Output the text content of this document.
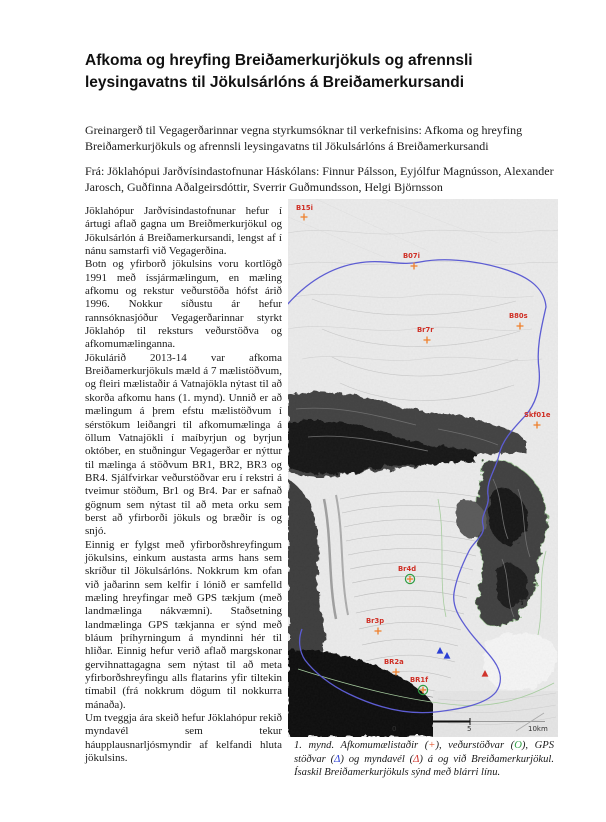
Afkoma og hreyfing Breiðamerkurjökuls og afrennsli
leysingavatns til Jökulsárlóns á Breiðamerkursandi

Greinargerð til Vegagerðarinnar vegna styrkumsóknar til verkefnisins: Afkoma og hreyfing Breiðamerkurjökuls og afrennsli leysingavatns til Jökulsárlóns á Breiðamerkursandi

Frá: Jöklahópui Jarðvísindastofnunar Háskólans: Finnur Pálsson, Eyjólfur Magnússon, Alexander Jarosch, Guðfinna Aðalgeirsdóttir, Sverrir Guðmundsson, Helgi Björnsson

Jöklahópur Jarðvísindastofnunar hefur í ártugi aflað gagna um Breiðmerkurjökul og Jökulsárlón á Breiðamerkursandi, lengst af í nánu samstarfi við Vegagerðina.

Botn og yfirborð jökulsins voru kortlögð 1991 með íssjármælingum, en mæling afkomu og rekstur veðurstöða hófst árið 1996. Nokkur síðustu ár hefur rannsóknasjóður Vegagerðarinnar styrkt Jöklahóp til reksturs veðurstöðva og afkomumælinganna.

Jökulárið 2013-14 var afkoma Breiðamerkurjökuls mæld á 7 mælistöðvum, og fleiri mælistaðir á Vatnajökla nýtast til að skorða afkomu hans (1. mynd). Unnið er að mælingum á þrem efstu mælistöðvum í sérstökum leiðangri til afkomumælinga á öllum Vatnajökli í maíbyrjun og byrjun október, en stuðningur Vegagerðar er nýttur til mælinga á stöðvum BR1, BR2, BR3 og BR4. Sjálfvirkar veðurstöðvar eru í rekstri á tveimur stöðum, Br1 og Br4. Þar er safnað gögnum sem nýtast til að meta orku sem berst að yfirborði jökuls og bræðir ís og snjó.

Einnig er fylgst með yfirborðshreyfingum jökulsins, einkum austasta arms hans sem skríður til Jökulsárlóns. Nokkrum km ofan við jaðarinn sem kelfir í lónið er samfelld mæling hreyfingar með GPS tækjum (með landmælinga nákvæmni). Staðsetning landmælinga GPS tækjanna er sýnd með bláum þríhyrningum á myndinni hér til hliðar. Einnig hefur verið aflað margskonar gervihnattagagna sem nýtast til að meta yfirborðshreyfingu alls flatarins yfir tiltekin tímabil (frá nokkrum dögum til nokkurra mánaða).

Um tveggja ára skeið hefur Jöklahópur rekið myndavél sem tekur háupplausnarljósmyndir af kelfandi hluta jökulsins.

B15i
B07i
Br7r
B80s
Skf01e
Br4d
Br3p
BR2a
BR1f
0	5	10km

1. mynd. Afkomumælistaðir (+), veðurstöðvar (O), GPS stöðvar (Δ) og myndavél (Δ) á og við Breiðamerkurjökul. Ísaskil Breiðamerkurjökuls sýnd með blárri línu.
